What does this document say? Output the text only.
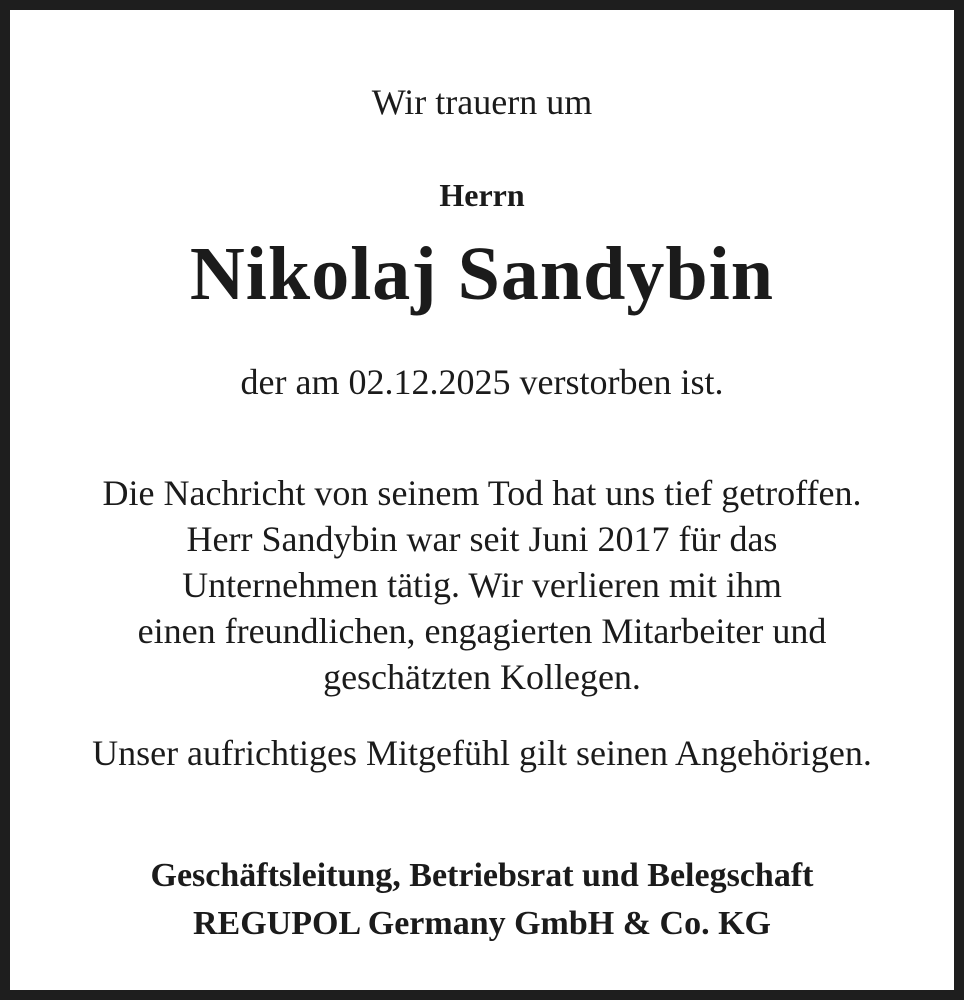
Wir trauern um

Herrn

Nikolaj Sandybin

der am 02.12.2025 verstorben ist.

Die Nachricht von seinem Tod hat uns tief getroffen.
Herr Sandybin war seit Juni 2017 für das
Unternehmen tätig. Wir verlieren mit ihm
einen freundlichen, engagierten Mitarbeiter und
geschätzten Kollegen.
Unser aufrichtiges Mitgefühl gilt seinen Angehörigen.
Geschäftsleitung, Betriebsrat und Belegschaft
REGUPOL Germany GmbH & Co. KG
